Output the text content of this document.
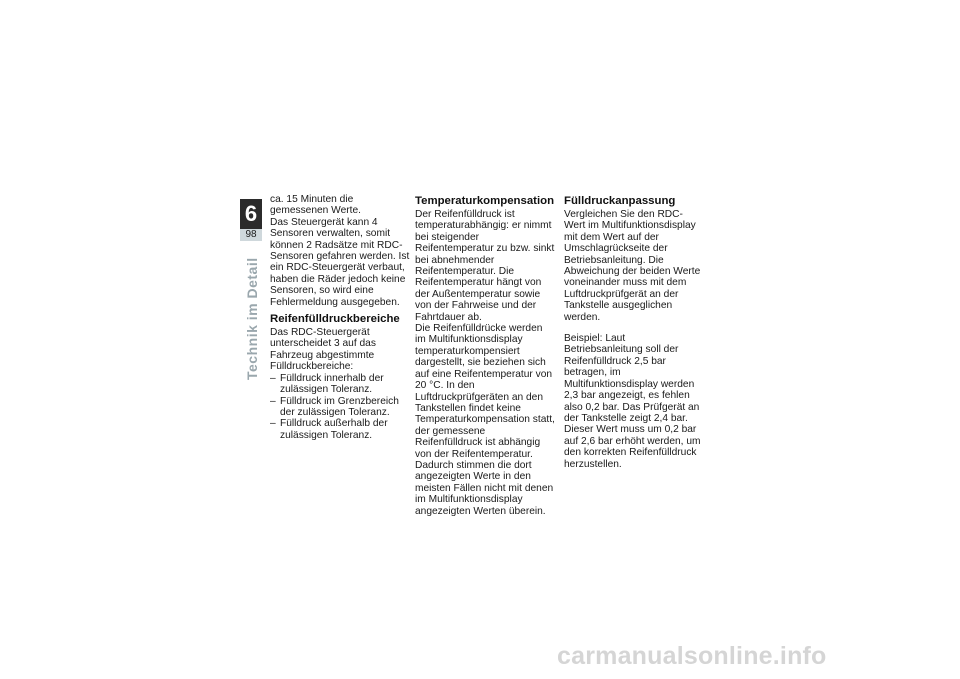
6
98
Technik im Detail

ca. 15 Minuten die gemessenen Werte.

Das Steuergerät kann 4 Sensoren verwalten, somit können 2 Radsätze mit RDC-Sensoren gefahren werden. Ist ein RDC-Steuergerät verbaut, haben die Räder jedoch keine Sensoren, so wird eine Fehlermeldung ausgegeben.

Reifenfülldruckbereiche

Das RDC-Steuergerät unterscheidet 3 auf das Fahrzeug abgestimmte Fülldruckbereiche:

– Fülldruck innerhalb der zulässigen Toleranz.
– Fülldruck im Grenzbereich der zulässigen Toleranz.
– Fülldruck außerhalb der zulässigen Toleranz.
Temperaturkompensation

Der Reifenfülldruck ist temperaturabhängig: er nimmt bei steigender Reifentemperatur zu bzw. sinkt bei abnehmender Reifentemperatur. Die Reifentemperatur hängt von der Außentemperatur sowie von der Fahrweise und der Fahrtdauer ab.

Die Reifenfülldrücke werden im Multifunktionsdisplay temperaturkompensiert dargestellt, sie beziehen sich auf eine Reifentemperatur von 20 °C. In den Luftdruckprüfgeräten an den Tankstellen findet keine Temperaturkompensation statt, der gemessene Reifenfülldruck ist abhängig von der Reifentemperatur. Dadurch stimmen die dort angezeigten Werte in den meisten Fällen nicht mit denen im Multifunktionsdisplay angezeigten Werten überein.

Fülldruckanpassung

Vergleichen Sie den RDC-Wert im Multifunktionsdisplay mit dem Wert auf der Umschlagrückseite der Betriebsanleitung. Die Abweichung der beiden Werte voneinander muss mit dem Luftdruckprüfgerät an der Tankstelle ausgeglichen werden.

Beispiel: Laut Betriebsanleitung soll der Reifenfülldruck 2,5 bar betragen, im Multifunktionsdisplay werden 2,3 bar angezeigt, es fehlen also 0,2 bar. Das Prüfgerät an der Tankstelle zeigt 2,4 bar. Dieser Wert muss um 0,2 bar auf 2,6 bar erhöht werden, um den korrekten Reifenfülldruck herzustellen.

carmanualsonline.info
